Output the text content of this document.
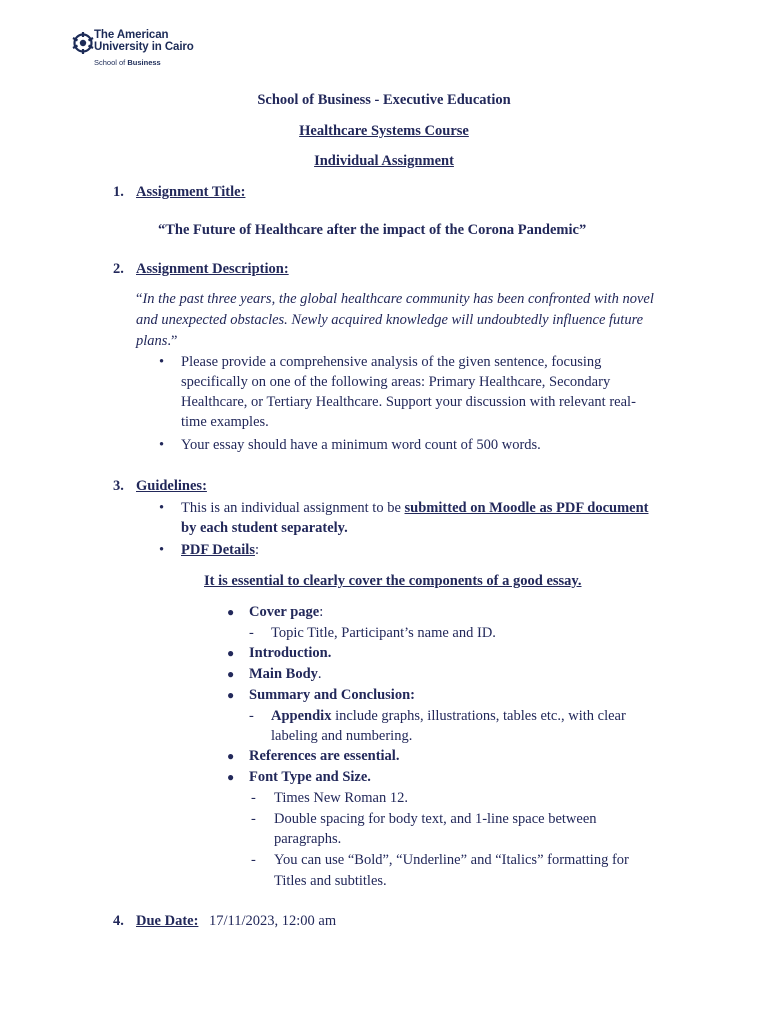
The American
University in Cairo
School of Business
School of Business - Executive Education
Healthcare Systems Course
Individual Assignment
1. Assignment Title:
“The Future of Healthcare after the impact of the Corona Pandemic”
2. Assignment Description:
“In the past three years, the global healthcare community has been confronted with novel
and unexpected obstacles. Newly acquired knowledge will undoubtedly influence future
plans.”
• Please provide a comprehensive analysis of the given sentence, focusing
specifically on one of the following areas: Primary Healthcare, Secondary
Healthcare, or Tertiary Healthcare. Support your discussion with relevant real-
time examples.
• Your essay should have a minimum word count of 500 words.
3. Guidelines:
• This is an individual assignment to be submitted on Moodle as PDF document
by each student separately.
• PDF Details:
It is essential to clearly cover the components of a good essay.
● Cover page:
- Topic Title, Participant’s name and ID.
● Introduction.
● Main Body.
● Summary and Conclusion:
- Appendix include graphs, illustrations, tables etc., with clear
labeling and numbering.
● References are essential.
● Font Type and Size.
- Times New Roman 12.
- Double spacing for body text, and 1-line space between
paragraphs.
- You can use “Bold”, “Underline” and “Italics” formatting for
Titles and subtitles.
4. Due Date: 17/11/2023, 12:00 am
